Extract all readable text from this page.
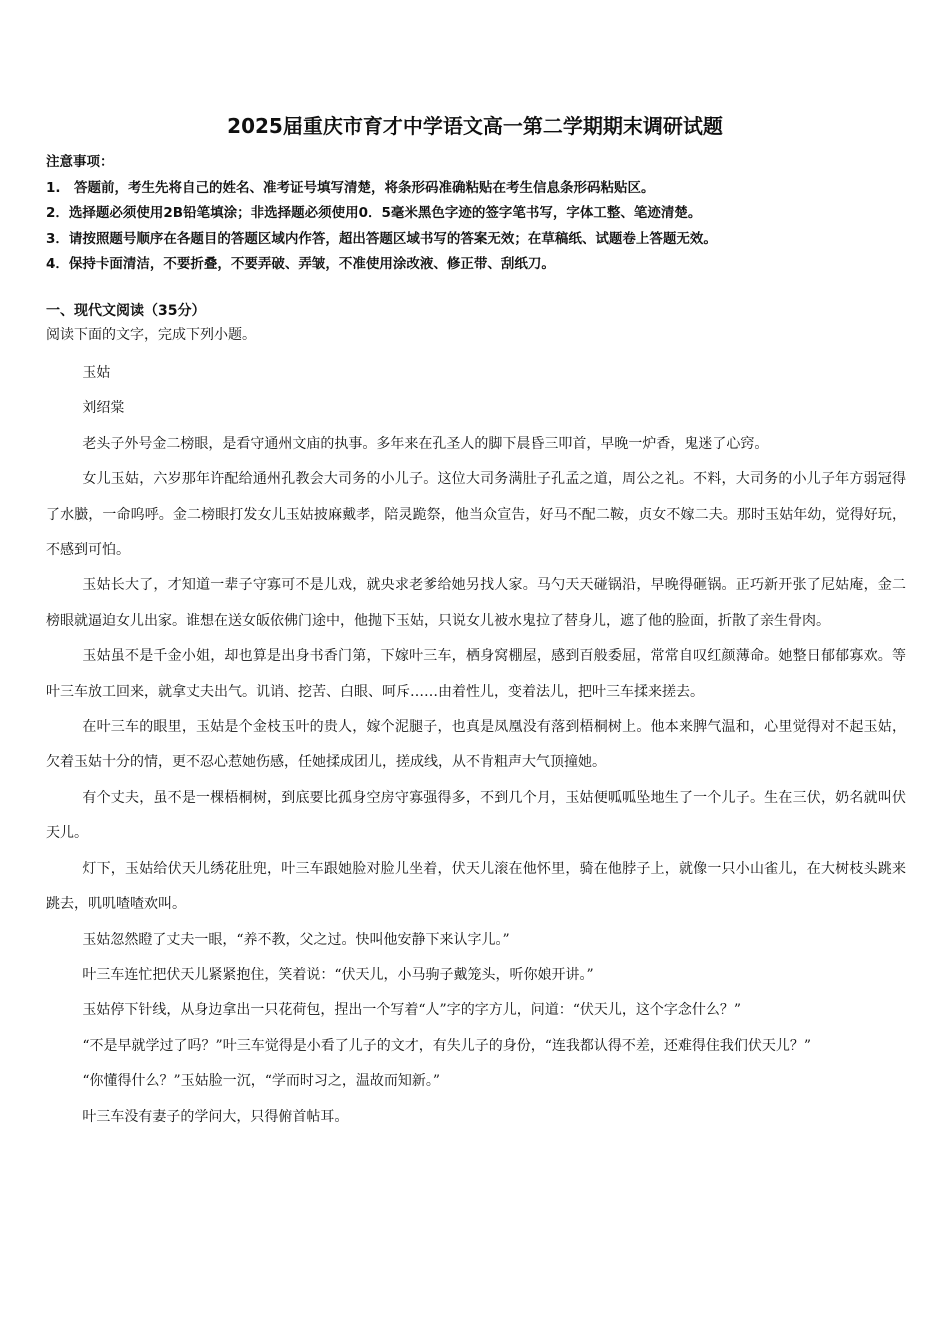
2025届重庆市育才中学语文高一第二学期期末调研试题
注意事项：
1.　答题前，考生先将自己的姓名、准考证号填写清楚，将条形码准确粘贴在考生信息条形码粘贴区。
2．选择题必须使用2B铅笔填涂；非选择题必须使用0．5毫米黑色字迹的签字笔书写，字体工整、笔迹清楚。
3．请按照题号顺序在各题目的答题区域内作答，超出答题区域书写的答案无效；在草稿纸、试题卷上答题无效。
4．保持卡面清洁，不要折叠，不要弄破、弄皱，不准使用涂改液、修正带、刮纸刀。
一、现代文阅读（35分）
阅读下面的文字，完成下列小题。

玉姑

刘绍棠

老头子外号金二榜眼，是看守通州文庙的执事。多年来在孔圣人的脚下晨昏三叩首，早晚一炉香，鬼迷了心窍。

女儿玉姑，六岁那年许配给通州孔教会大司务的小儿子。这位大司务满肚子孔孟之道，周公之礼。不料，大司务的小儿子年方弱冠得了水臌，一命呜呼。金二榜眼打发女儿玉姑披麻戴孝，陪灵跪祭，他当众宣告，好马不配二鞍，贞女不嫁二夫。那时玉姑年幼，觉得好玩，不感到可怕。

玉姑长大了，才知道一辈子守寡可不是儿戏，就央求老爹给她另找人家。马勺天天碰锅沿，早晚得砸锅。正巧新开张了尼姑庵，金二榜眼就逼迫女儿出家。谁想在送女皈依佛门途中，他抛下玉姑，只说女儿被水鬼拉了替身儿，遮了他的脸面，折散了亲生骨肉。

玉姑虽不是千金小姐，却也算是出身书香门第，下嫁叶三车，栖身窝棚屋，感到百般委屈，常常自叹红颜薄命。她整日郁郁寡欢。等叶三车放工回来，就拿丈夫出气。讥诮、挖苦、白眼、呵斥……由着性儿，变着法儿，把叶三车揉来搓去。

在叶三车的眼里，玉姑是个金枝玉叶的贵人，嫁个泥腿子，也真是凤凰没有落到梧桐树上。他本来脾气温和，心里觉得对不起玉姑，欠着玉姑十分的情，更不忍心惹她伤感，任她揉成团儿，搓成线，从不肯粗声大气顶撞她。

有个丈夫，虽不是一棵梧桐树，到底要比孤身空房守寡强得多，不到几个月，玉姑便呱呱坠地生了一个儿子。生在三伏，奶名就叫伏天儿。

灯下，玉姑给伏天儿绣花肚兜，叶三车跟她脸对脸儿坐着，伏天儿滚在他怀里，骑在他脖子上，就像一只小山雀儿，在大树枝头跳来跳去，叽叽喳喳欢叫。

玉姑忽然瞪了丈夫一眼，“养不教，父之过。快叫他安静下来认字儿。”

叶三车连忙把伏天儿紧紧抱住，笑着说：“伏天儿，小马驹子戴笼头，听你娘开讲。”

玉姑停下针线，从身边拿出一只花荷包，捏出一个写着“人”字的字方儿，问道：“伏天儿，这个字念什么？”

“不是早就学过了吗？”叶三车觉得是小看了儿子的文才，有失儿子的身份，“连我都认得不差，还难得住我们伏天儿？”

“你懂得什么？”玉姑脸一沉，“学而时习之，温故而知新。”

叶三车没有妻子的学问大，只得俯首帖耳。
